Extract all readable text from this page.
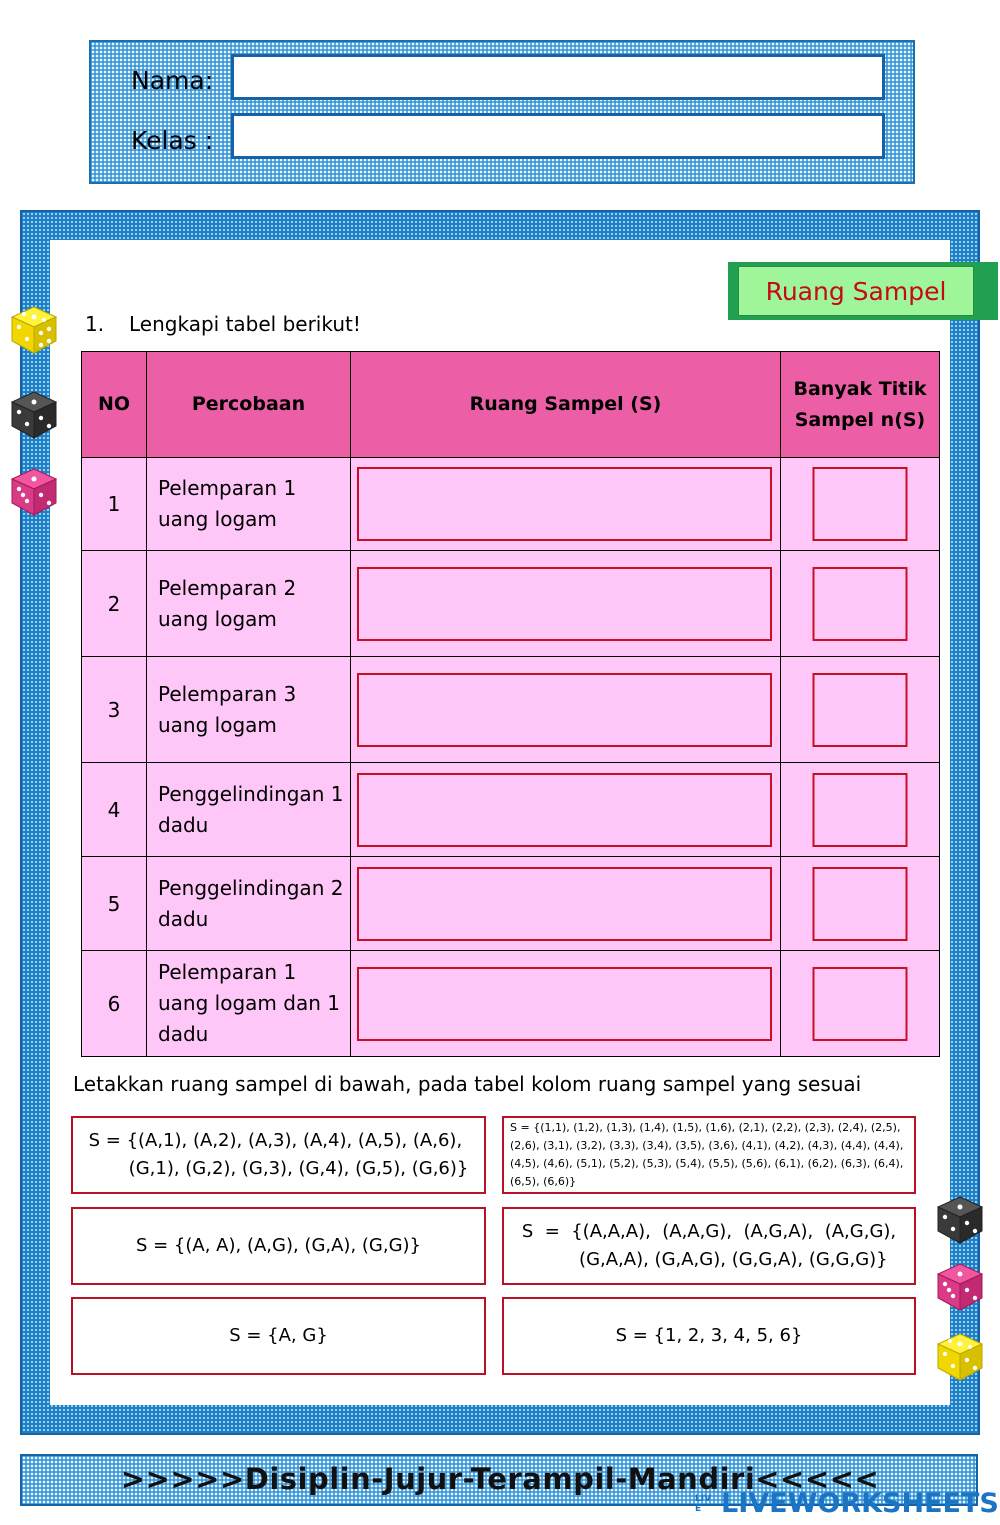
Nama:
Kelas :
Ruang Sampel
1. Lengkapi tabel berikut!
NO	Percobaan	Ruang Sampel (S)	Banyak Titik Sampel n(S)
1	Pelemparan 1 uang logam	

2	Pelemparan 2 uang logam	

3	Pelemparan 3 uang logam	

4	Penggelindingan 1 dadu	

5	Penggelindingan 2 dadu	

6	Pelemparan 1 uang logam dan 1 dadu	

Letakkan ruang sampel di bawah, pada tabel kolom ruang sampel yang sesuai
S = {(A,1), (A,2), (A,3), (A,4), (A,5), (A,6),
(G,1), (G,2), (G,3), (G,4), (G,5), (G,6)}
S = {(1,1), (1,2), (1,3), (1,4), (1,5), (1,6), (2,1), (2,2), (2,3), (2,4), (2,5), (2,6), (3,1), (3,2), (3,3), (3,4), (3,5), (3,6), (4,1), (4,2), (4,3), (4,4), (4,4), (4,5), (4,6), (5,1), (5,2), (5,3), (5,4), (5,5), (5,6), (6,1), (6,2), (6,3), (6,4), (6,5), (6,6)}
S = {(A, A), (A,G), (G,A), (G,G)}
S  =  {(A,A,A),  (A,A,G),  (A,G,A),  (A,G,G),
(G,A,A), (G,A,G), (G,G,A), (G,G,G)}
S = {A, G}	S = {1, 2, 3, 4, 5, 6}
>>>>>Disiplin-Jujur-Terampil-Mandiri<<<<<
LIVE LIVEWORKSHEETS
